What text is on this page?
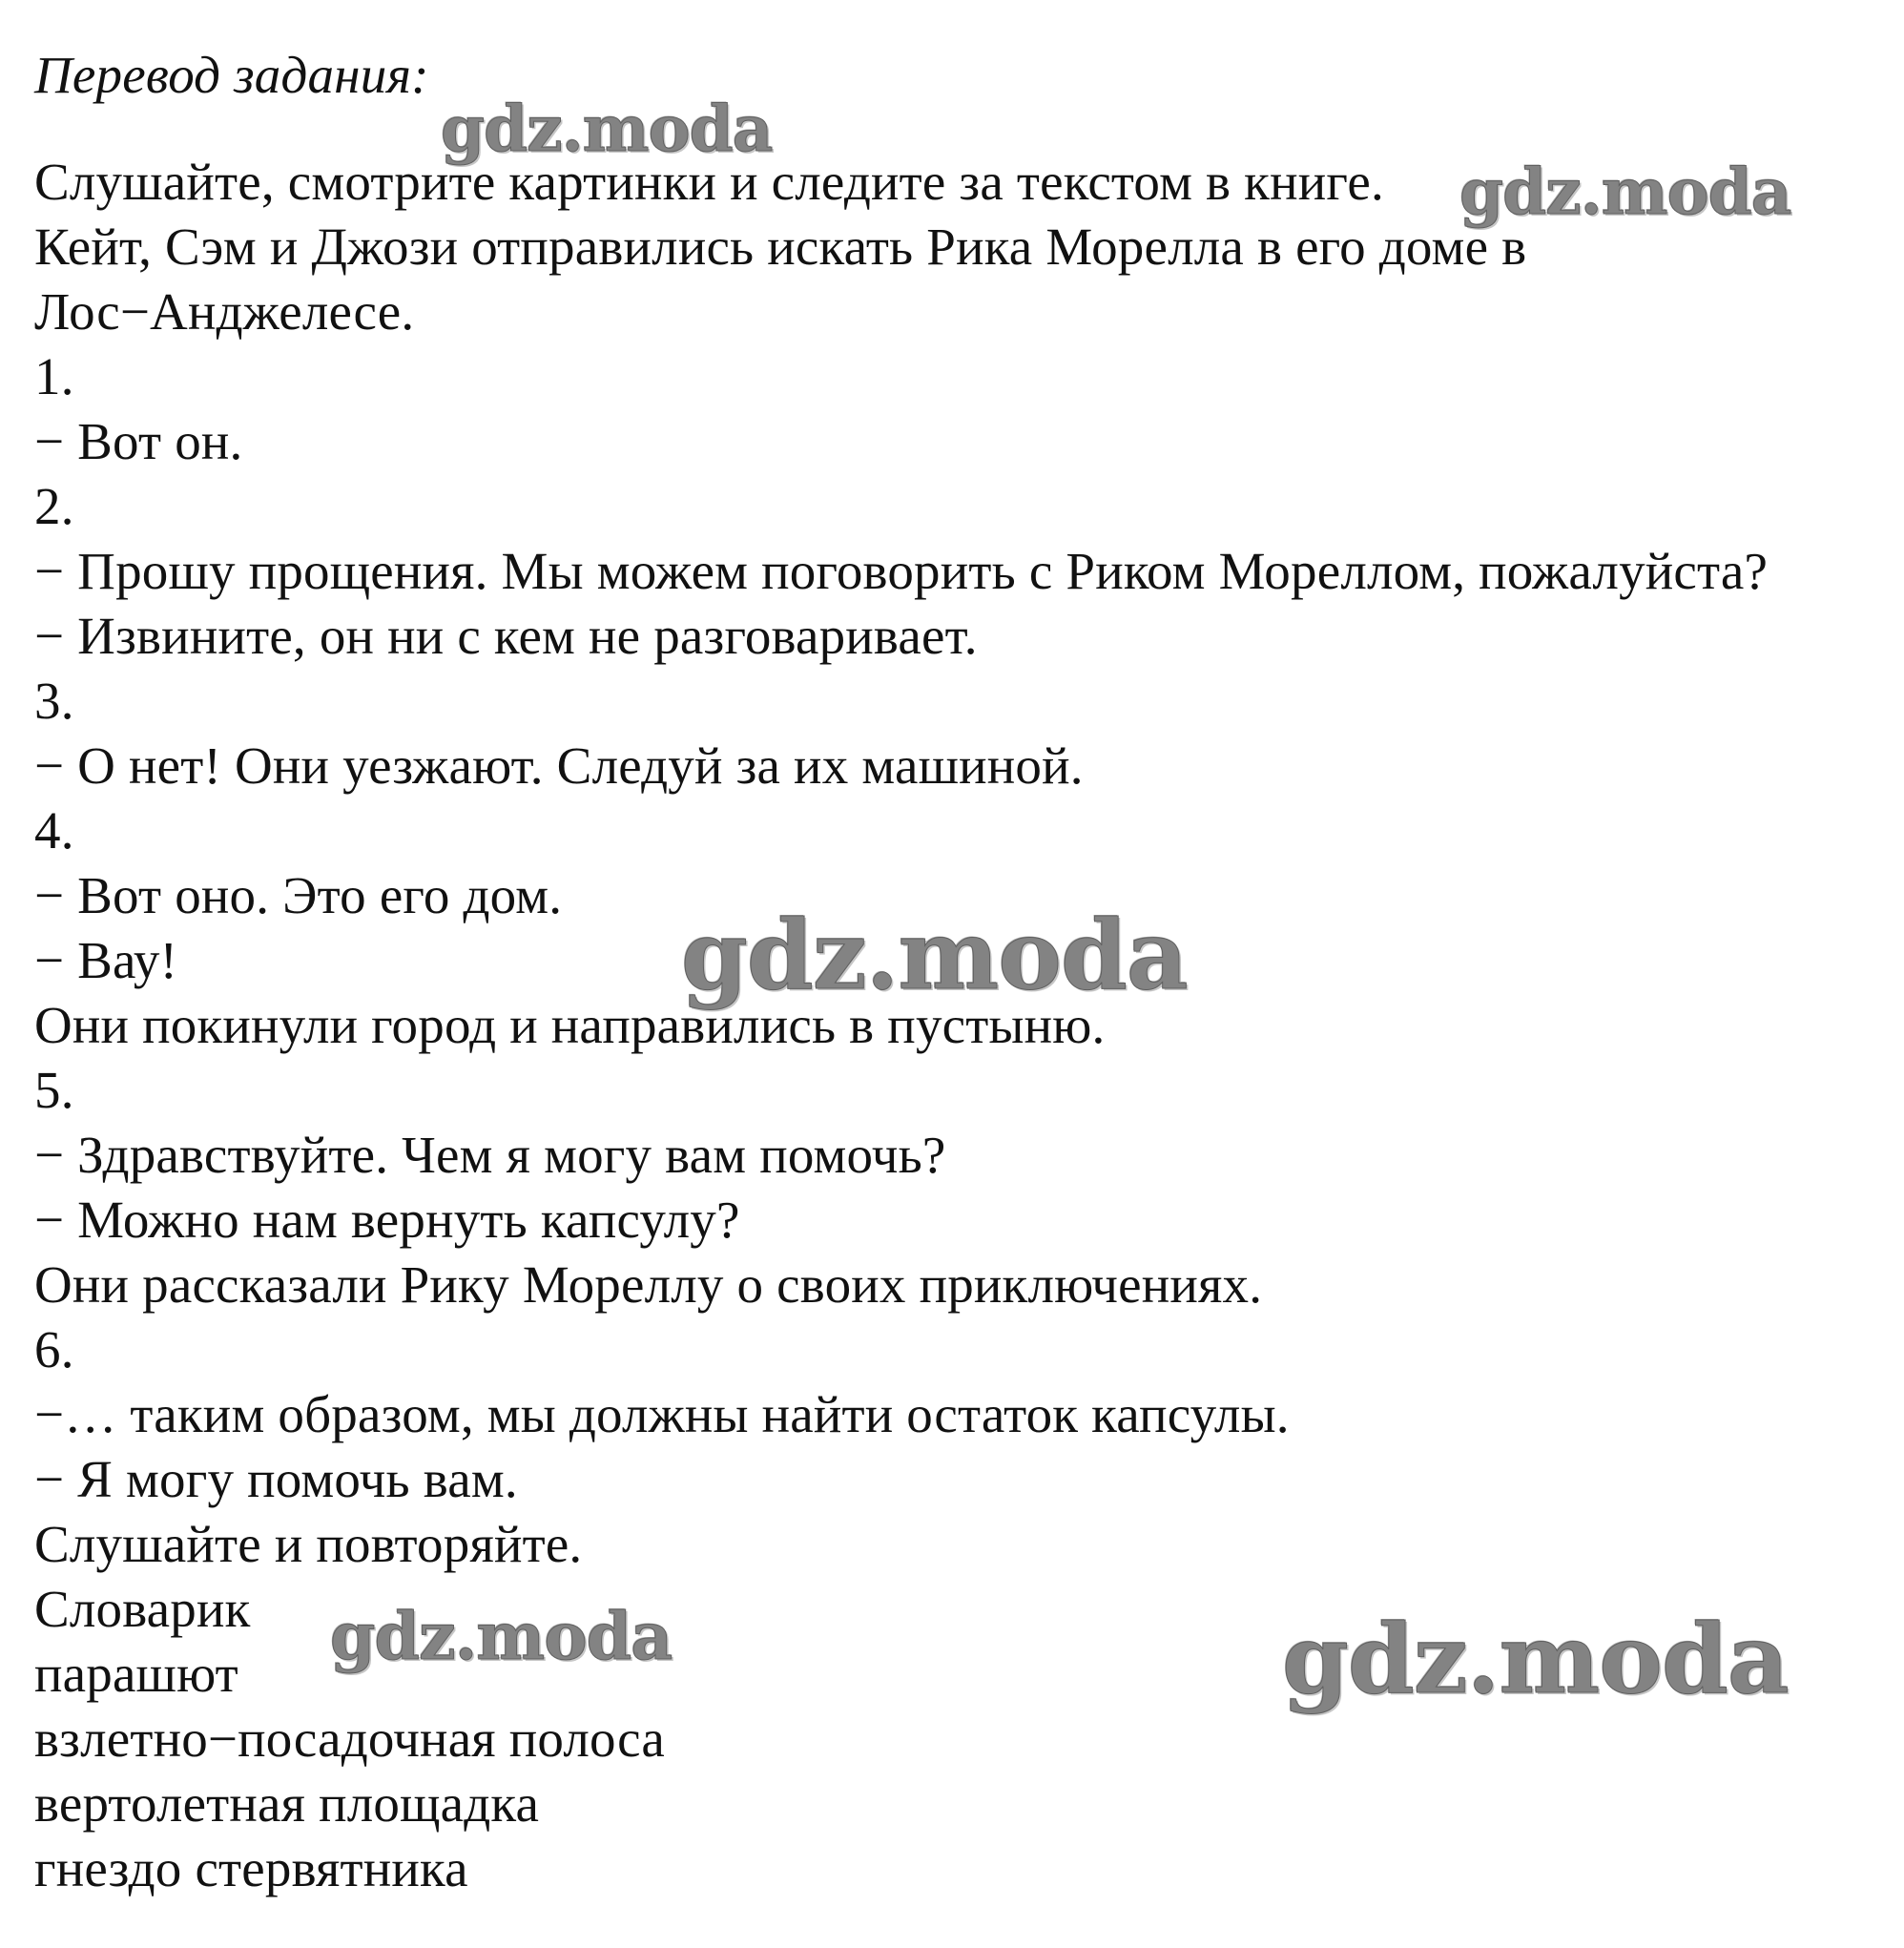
Перевод задания:
Слушайте, смотрите картинки и следите за текстом в книге.
Кейт, Сэм и Джози отправились искать Рика Морелла в его доме в
Лос−Анджелесе.
1.
− Вот он.
2.
− Прошу прощения. Мы можем поговорить с Риком Мореллом, пожалуйста?
− Извините, он ни с кем не разговаривает.
3.
− О нет! Они уезжают. Следуй за их машиной.
4.
− Вот оно. Это его дом.
− Вау!
Они покинули город и направились в пустыню.
5.
− Здравствуйте. Чем я могу вам помочь?
− Можно нам вернуть капсулу?
Они рассказали Рику Мореллу о своих приключениях.
6.
−… таким образом, мы должны найти остаток капсулы.
− Я могу помочь вам.
Слушайте и повторяйте.
Словарик
парашют
взлетно−посадочная полоса
вертолетная площадка
гнездо стервятника
gdz.moda
gdz.moda
gdz.moda
gdz.moda	gdz.moda
